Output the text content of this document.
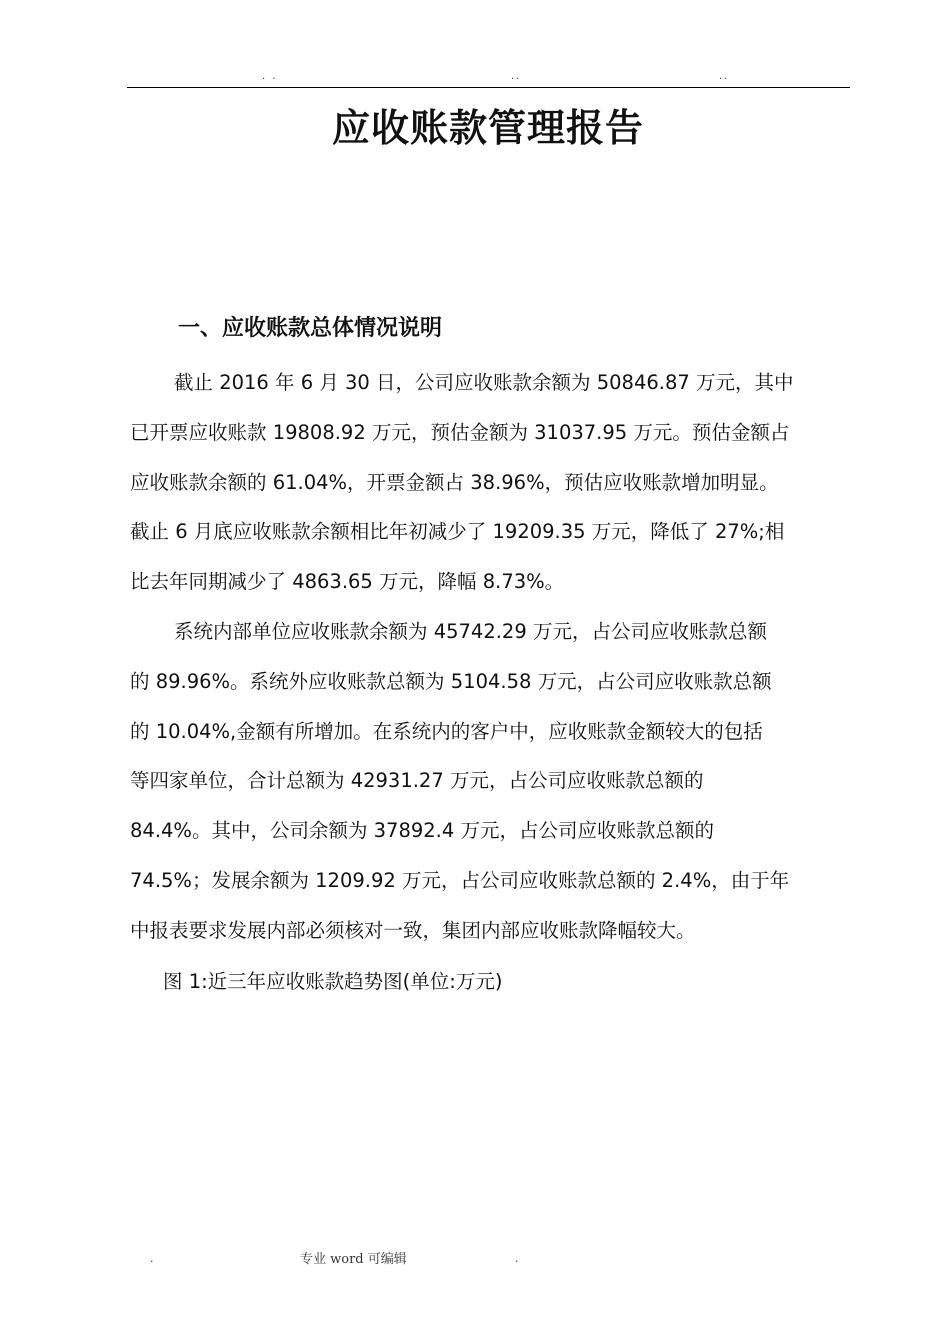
. .	..	..
应收账款管理报告
一、应收账款总体情况说明
截止 2016 年 6 月 30 日，公司应收账款余额为 50846.87 万元，其中
已开票应收账款 19808.92 万元，预估金额为 31037.95 万元。预估金额占
应收账款余额的 61.04%，开票金额占 38.96%，预估应收账款增加明显。
截止 6 月底应收账款余额相比年初减少了 19209.35 万元，降低了 27%;相
比去年同期减少了 4863.65 万元，降幅 8.73%。
系统内部单位应收账款余额为 45742.29 万元，占公司应收账款总额
的 89.96%。系统外应收账款总额为 5104.58 万元，占公司应收账款总额
的 10.04%,金额有所增加。在系统内的客户中，应收账款金额较大的包括
等四家单位，合计总额为 42931.27 万元，占公司应收账款总额的
84.4%。其中，公司余额为 37892.4 万元，占公司应收账款总额的
74.5%；发展余额为 1209.92 万元，占公司应收账款总额的 2.4%，由于年
中报表要求发展内部必须核对一致，集团内部应收账款降幅较大。
图 1:近三年应收账款趋势图(单位:万元)
.	专业 word 可编辑	.
